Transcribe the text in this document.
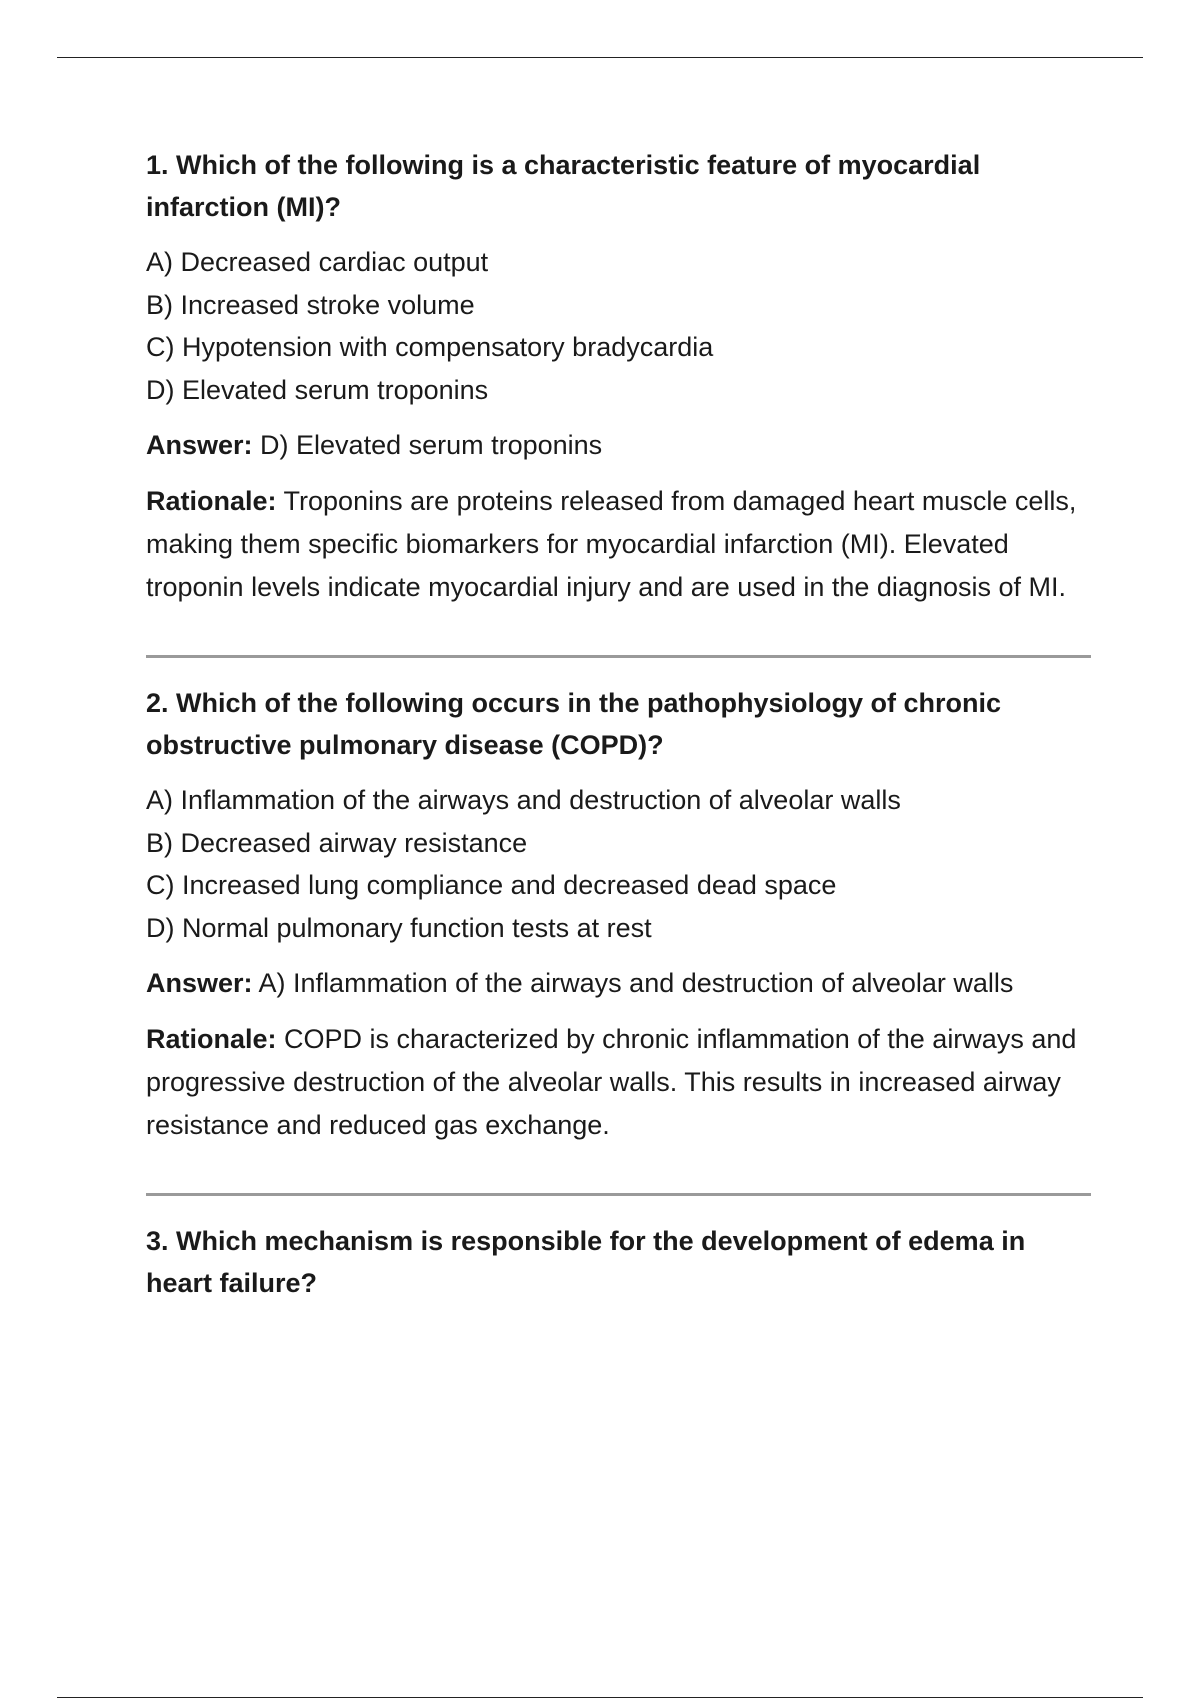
1. Which of the following is a characteristic feature of myocardial infarction (MI)?

A) Decreased cardiac output
B) Increased stroke volume
C) Hypotension with compensatory bradycardia
D) Elevated serum troponins

Answer: D) Elevated serum troponins

Rationale: Troponins are proteins released from damaged heart muscle cells, making them specific biomarkers for myocardial infarction (MI). Elevated troponin levels indicate myocardial injury and are used in the diagnosis of MI.

2. Which of the following occurs in the pathophysiology of chronic obstructive pulmonary disease (COPD)?

A) Inflammation of the airways and destruction of alveolar walls
B) Decreased airway resistance
C) Increased lung compliance and decreased dead space
D) Normal pulmonary function tests at rest

Answer: A) Inflammation of the airways and destruction of alveolar walls

Rationale: COPD is characterized by chronic inflammation of the airways and progressive destruction of the alveolar walls. This results in increased airway resistance and reduced gas exchange.

3. Which mechanism is responsible for the development of edema in heart failure?
